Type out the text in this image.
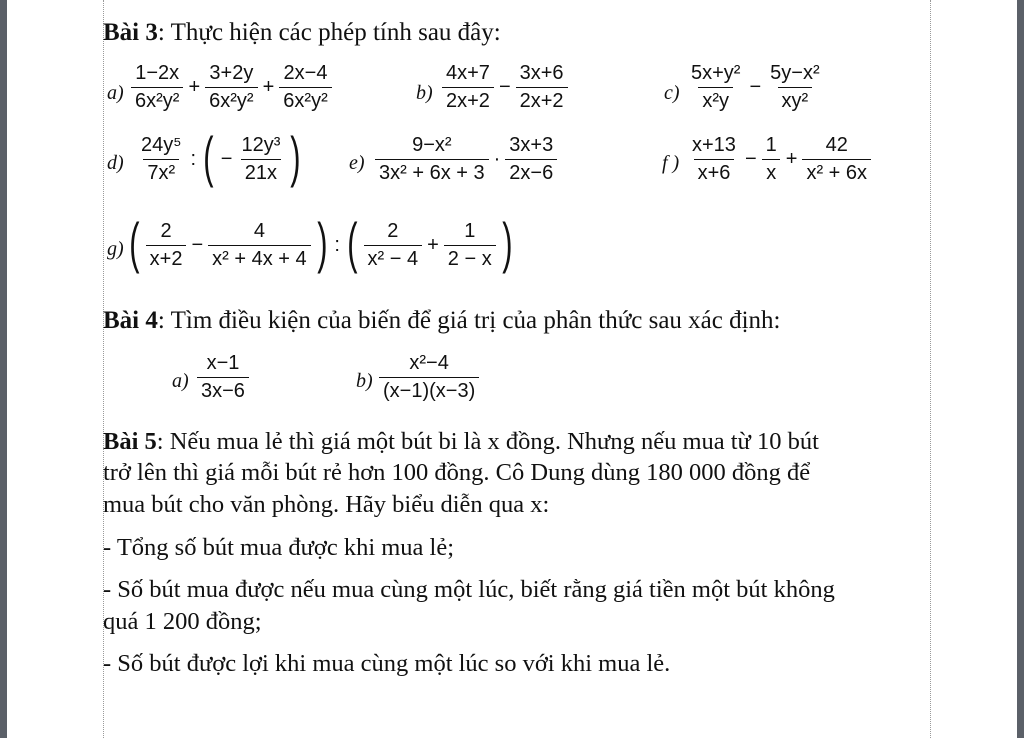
Bài 3: Thực hiện các phép tính sau đây:
$a) \frac{1-2x}{\text{6x²y²}} + \frac{3+2y}{\text{6x²y²}} + \frac{2x-4}{\text{6x²y²}}$	$b) \frac{4x+7}{2x+2} - \frac{3x+6}{2x+2}$	$c) \frac{\text{5x+y²}}{\text{x²y}} - \frac{\text{5y−x²}}{\text{xy²}}$
$d) \frac{\text{24y⁵}}{\text{7x²}}$ : ( − $\frac{\text{12y³}}{21x}$ ) $e) \frac{\text{9−x²}}{\text{3x² + 6x + 3}} \cdot \frac{3x+3}{2x-6}$	f ) $\frac{x+13}{x+6} - \frac{1}{x} + \frac{42}{\text{x² + 6x}}$
g) ( $\frac{2}{x+2} - \frac{4}{\text{x² + 4x + 4}}$ ) : ( $\frac{2}{\text{x² − 4}} + \frac{1}{2 - x}$ )
Bài 4: Tìm điều kiện của biến để giá trị của phân thức sau xác định:
$a) \frac{x-1}{3x-6}$	$b) \frac{\text{x²−4}}{(x-1)(x-3)}$
Bài 5: Nếu mua lẻ thì giá một bút bi là x đồng. Nhưng nếu mua từ 10 bút
trở lên thì giá mỗi bút rẻ hơn 100 đồng. Cô Dung dùng 180 000 đồng để
mua bút cho văn phòng. Hãy biểu diễn qua x:
- Tổng số bút mua được khi mua lẻ;
- Số bút mua được nếu mua cùng một lúc, biết rằng giá tiền một bút không
quá 1 200 đồng;
- Số bút được lợi khi mua cùng một lúc so với khi mua lẻ.
